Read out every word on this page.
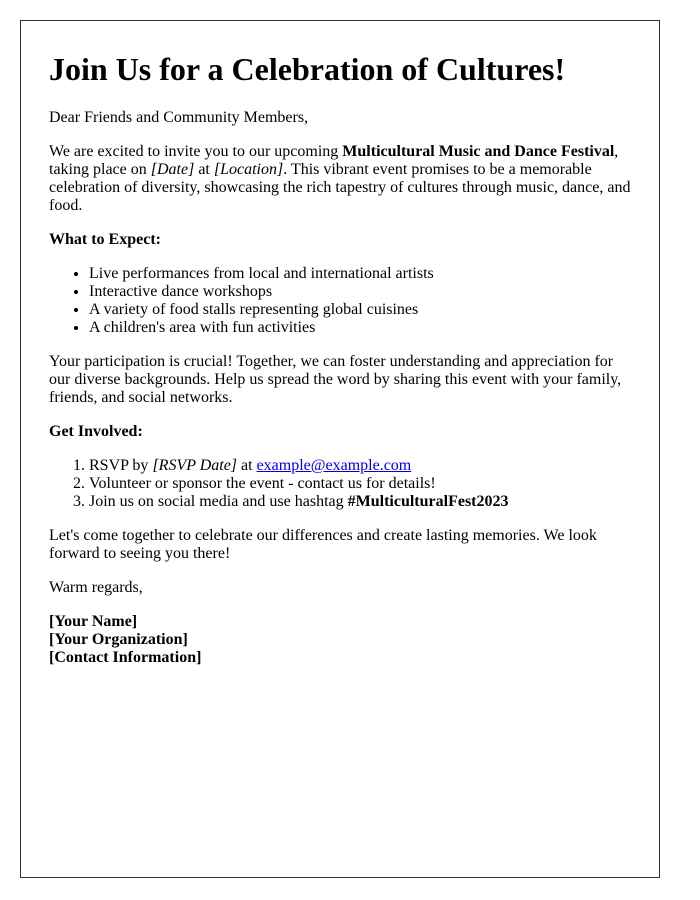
Join Us for a Celebration of Cultures!

Dear Friends and Community Members,

We are excited to invite you to our upcoming Multicultural Music and Dance Festival, taking place on [Date] at [Location]. This vibrant event promises to be a memorable celebration of diversity, showcasing the rich tapestry of cultures through music, dance, and food.

What to Expect:

• Live performances from local and international artists
• Interactive dance workshops
• A variety of food stalls representing global cuisines
• A children's area with fun activities

Your participation is crucial! Together, we can foster understanding and appreciation for our diverse backgrounds. Help us spread the word by sharing this event with your family, friends, and social networks.

Get Involved:

1. RSVP by [RSVP Date] at example@example.com
2. Volunteer or sponsor the event - contact us for details!
3. Join us on social media and use hashtag #MulticulturalFest2023

Let's come together to celebrate our differences and create lasting memories. We look forward to seeing you there!

Warm regards,

[Your Name]
[Your Organization]
[Contact Information]
